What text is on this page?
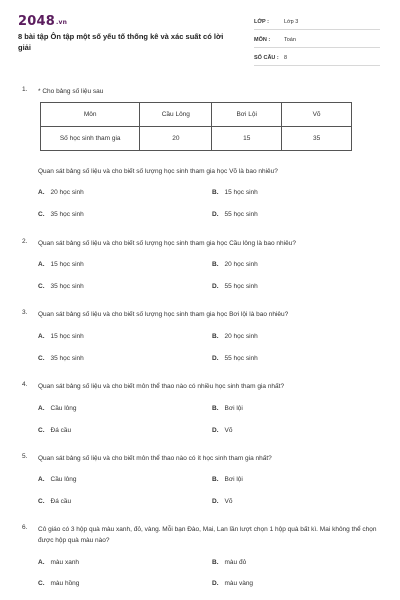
2048.vn
8 bài tập Ôn tập một số yếu tố thống kê và xác suất có lời giải
LỚP :	Lớp 3
MÔN :	Toán
SỐ CÂU : 8
1. * Cho bảng số liệu sau
Môn	Cầu Lông	Bơi Lội	Võ
Số học sinh tham gia	20	15	35
Quan sát bảng số liệu và cho biết số lượng học sinh tham gia học Võ là bao nhiêu?
A. 20 học sinh	B. 15 học sinh
C. 35 học sinh	D. 55 học sinh
2. Quan sát bảng số liệu và cho biết số lượng học sinh tham gia học Cầu lông là bao nhiêu?
A. 15 học sinh	B. 20 học sinh
C. 35 học sinh	D. 55 học sinh
3. Quan sát bảng số liệu và cho biết số lượng học sinh tham gia học Bơi lội là bao nhiêu?
A. 15 học sinh	B. 20 học sinh
C. 35 học sinh	D. 55 học sinh
4. Quan sát bảng số liệu và cho biết môn thể thao nào có nhiều học sinh tham gia nhất?
A. Cầu lông	B. Bơi lội
C. Đá cầu	D. Võ
5. Quan sát bảng số liệu và cho biết môn thể thao nào có ít học sinh tham gia nhất?
A. Cầu lông	B. Bơi lội
C. Đá cầu	D. Võ
6. Cô giáo có 3 hộp quà màu xanh, đỏ, vàng. Mỗi bạn Đào, Mai, Lan lần lượt chọn 1 hộp quà bất kì. Mai không thể chọn được hộp quà màu nào?
A. màu xanh	B. màu đỏ
C. màu hồng	D. màu vàng
